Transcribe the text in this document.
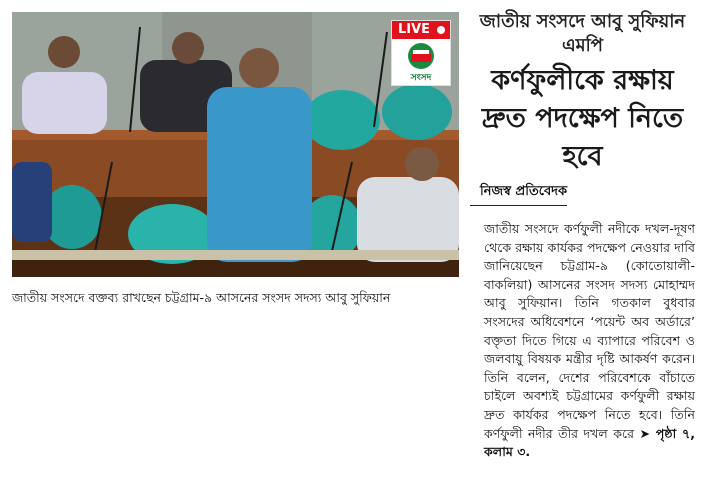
LIVE
সংসদ
জাতীয় সংসদে বক্তব্য রাখছেন চট্টগ্রাম-৯ আসনের সংসদ সদস্য আবু সুফিয়ান
জাতীয় সংসদে আবু সুফিয়ান এমপি
কর্ণফুলীকে রক্ষায় দ্রুত পদক্ষেপ নিতে হবে
নিজস্ব প্রতিবেদক
জাতীয় সংসদে কর্ণফুলী নদীকে দখল-দূষণ থেকে রক্ষায় কার্যকর পদক্ষেপ নেওয়ার দাবি জানিয়েছেন চট্টগ্রাম-৯ (কোতোয়ালী-বাকলিয়া) আসনের সংসদ সদস্য মোহাম্মদ আবু সুফিয়ান। তিনি গতকাল বুধবার সংসদের অধিবেশনে ‘পয়েন্ট অব অর্ডারে’ বক্তৃতা দিতে গিয়ে এ ব্যাপারে পরিবেশ ও জলবায়ু বিষয়ক মন্ত্রীর দৃষ্টি আকর্ষণ করেন। তিনি বলেন, দেশের পরিবেশকে বাঁচাতে চাইলে অবশ্যই চট্টগ্রামের কর্ণফুলী রক্ষায় দ্রুত কার্যকর পদক্ষেপ নিতে হবে। তিনি কর্ণফুলী নদীর তীর দখল করে ➤ পৃষ্ঠা ৭, কলাম ৩.
